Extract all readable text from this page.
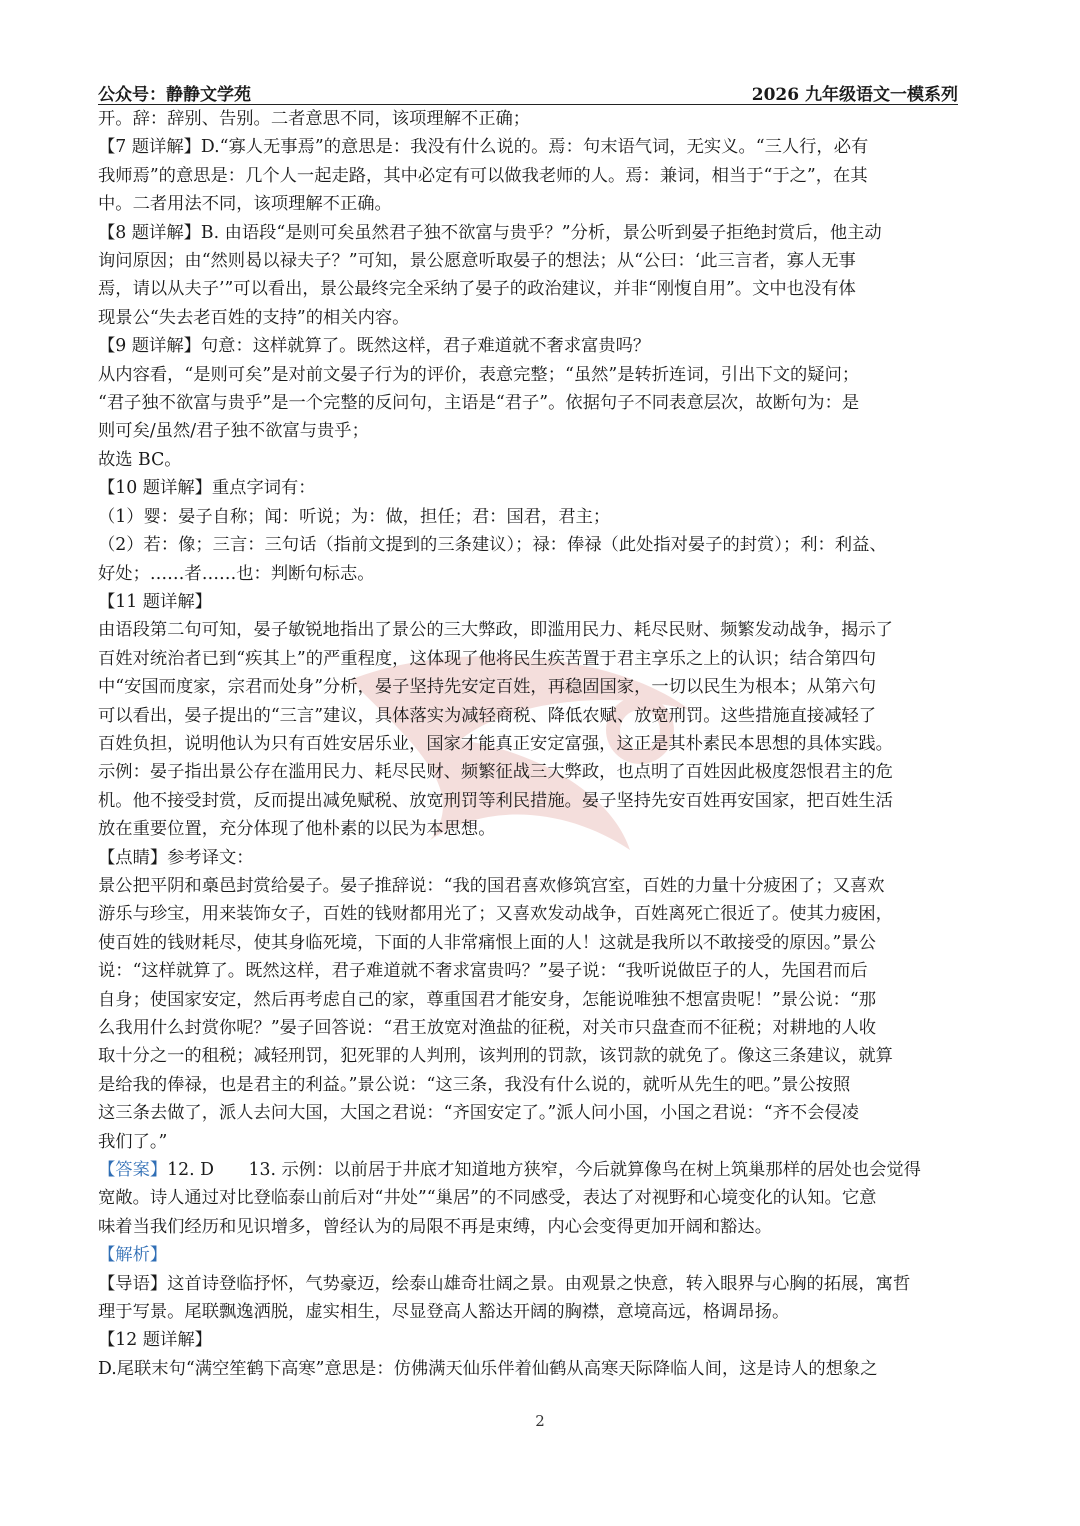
公众号：静静文学苑	2026 九年级语文一模系列

开。辞：辞别、告别。二者意思不同，该项理解不正确；

【7 题详解】D.“寡人无事焉”的意思是：我没有什么说的。焉：句末语气词，无实义。“三人行，必有

我师焉”的意思是：几个人一起走路，其中必定有可以做我老师的人。焉：兼词，相当于“于之”，在其

中。二者用法不同，该项理解不正确。

【8 题详解】B. 由语段“是则可矣虽然君子独不欲富与贵乎？”分析，景公听到晏子拒绝封赏后，他主动

询问原因；由“然则曷以禄夫子？”可知，景公愿意听取晏子的想法；从“公曰：‘此三言者，寡人无事

焉，请以从夫子’”可以看出，景公最终完全采纳了晏子的政治建议，并非“刚愎自用”。文中也没有体

现景公“失去老百姓的支持”的相关内容。

【9 题详解】句意：这样就算了。既然这样，君子难道就不奢求富贵吗？

从内容看，“是则可矣”是对前文晏子行为的评价，表意完整；“虽然”是转折连词，引出下文的疑问；

“君子独不欲富与贵乎”是一个完整的反问句，主语是“君子”。依据句子不同表意层次，故断句为：是

则可矣/虽然/君子独不欲富与贵乎；

故选 BC。

【10 题详解】重点字词有：

（1）婴：晏子自称；闻：听说；为：做，担任；君：国君，君主；

（2）若：像；三言：三句话（指前文提到的三条建议）；禄：俸禄（此处指对晏子的封赏）；利：利益、

好处；……者……也：判断句标志。

【11 题详解】

由语段第二句可知，晏子敏锐地指出了景公的三大弊政，即滥用民力、耗尽民财、频繁发动战争，揭示了

百姓对统治者已到“疾其上”的严重程度，这体现了他将民生疾苦置于君主享乐之上的认识；结合第四句

中“安国而度家，宗君而处身”分析，晏子坚持先安定百姓，再稳固国家，一切以民生为根本；从第六句

可以看出，晏子提出的“三言”建议，具体落实为减轻商税、降低农赋、放宽刑罚。这些措施直接减轻了

百姓负担，说明他认为只有百姓安居乐业，国家才能真正安定富强，这正是其朴素民本思想的具体实践。

示例：晏子指出景公存在滥用民力、耗尽民财、频繁征战三大弊政，也点明了百姓因此极度怨恨君主的危

机。他不接受封赏，反而提出减免赋税、放宽刑罚等利民措施。晏子坚持先安百姓再安国家，把百姓生活

放在重要位置，充分体现了他朴素的以民为本思想。

【点睛】参考译文：

景公把平阴和槀邑封赏给晏子。晏子推辞说：“我的国君喜欢修筑宫室，百姓的力量十分疲困了；又喜欢

游乐与珍宝，用来装饰女子，百姓的钱财都用光了；又喜欢发动战争，百姓离死亡很近了。使其力疲困，

使百姓的钱财耗尽，使其身临死境，下面的人非常痛恨上面的人！这就是我所以不敢接受的原因。”景公

说：“这样就算了。既然这样，君子难道就不奢求富贵吗？”晏子说：“我听说做臣子的人，先国君而后

自身；使国家安定，然后再考虑自己的家，尊重国君才能安身，怎能说唯独不想富贵呢！”景公说：“那

么我用什么封赏你呢？”晏子回答说：“君王放宽对渔盐的征税，对关市只盘查而不征税；对耕地的人收

取十分之一的租税；减轻刑罚，犯死罪的人判刑，该判刑的罚款，该罚款的就免了。像这三条建议，就算

是给我的俸禄，也是君主的利益。”景公说：“这三条，我没有什么说的，就听从先生的吧。”景公按照

这三条去做了，派人去问大国，大国之君说：“齐国安定了。”派人问小国，小国之君说：“齐不会侵凌

我们了。”

【答案】12. D　　13. 示例：以前居于井底才知道地方狭窄，今后就算像鸟在树上筑巢那样的居处也会觉得

宽敞。诗人通过对比登临泰山前后对“井处”“巢居”的不同感受，表达了对视野和心境变化的认知。它意

味着当我们经历和见识增多，曾经认为的局限不再是束缚，内心会变得更加开阔和豁达。

【解析】

【导语】这首诗登临抒怀，气势豪迈，绘泰山雄奇壮阔之景。由观景之快意，转入眼界与心胸的拓展，寓哲

理于写景。尾联飘逸洒脱，虚实相生，尽显登高人豁达开阔的胸襟，意境高远，格调昂扬。

【12 题详解】

D.尾联末句“满空笙鹤下高寒”意思是：仿佛满天仙乐伴着仙鹤从高寒天际降临人间，这是诗人的想象之

2
